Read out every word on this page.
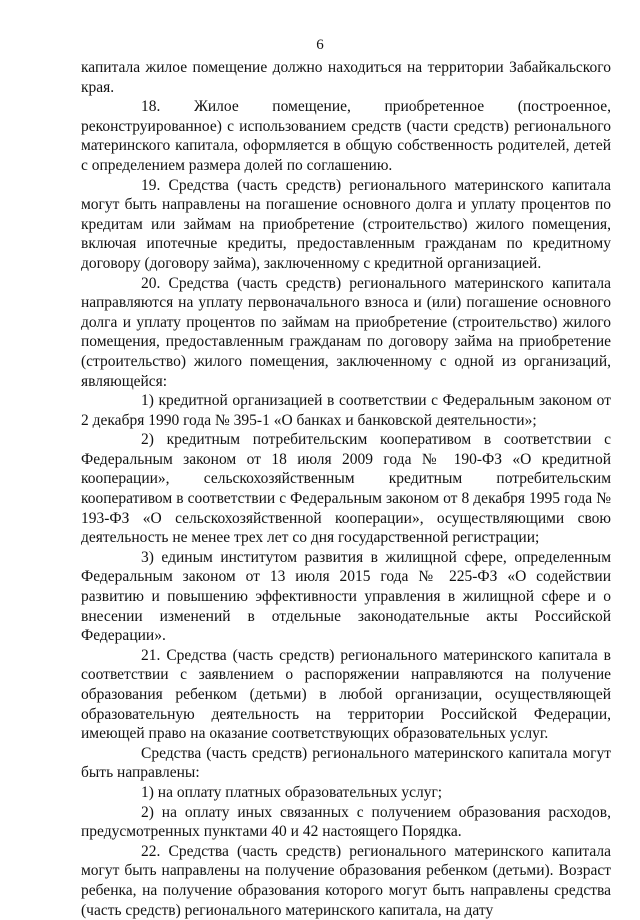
6

капитала жилое помещение должно находиться на территории Забайкальского края.

18. Жилое помещение, приобретенное (построенное, реконструированное) с использованием средств (части средств) регионального материнского капитала, оформляется в общую собственность родителей, детей с определением размера долей по соглашению.

19. Средства (часть средств) регионального материнского капитала могут быть направлены на погашение основного долга и уплату процентов по кредитам или займам на приобретение (строительство) жилого помещения, включая ипотечные кредиты, предоставленным гражданам по кредитному договору (договору займа), заключенному с кредитной организацией.

20. Средства (часть средств) регионального материнского капитала направляются на уплату первоначального взноса и (или) погашение основного долга и уплату процентов по займам на приобретение (строительство) жилого помещения, предоставленным гражданам по договору займа на приобретение (строительство) жилого помещения, заключенному с одной из организаций, являющейся:

1) кредитной организацией в соответствии с Федеральным законом от 2 декабря 1990 года № 395-1 «О банках и банковской деятельности»;

2) кредитным потребительским кооперативом в соответствии с Федеральным законом от 18 июля 2009 года № 190-ФЗ «О кредитной кооперации», сельскохозяйственным кредитным потребительским кооперативом в соответствии с Федеральным законом от 8 декабря 1995 года № 193-ФЗ «О сельскохозяйственной кооперации», осуществляющими свою деятельность не менее трех лет со дня государственной регистрации;

3) единым институтом развития в жилищной сфере, определенным Федеральным законом от 13 июля 2015 года № 225-ФЗ «О содействии развитию и повышению эффективности управления в жилищной сфере и о внесении изменений в отдельные законодательные акты Российской Федерации».

21. Средства (часть средств) регионального материнского капитала в соответствии с заявлением о распоряжении направляются на получение образования ребенком (детьми) в любой организации, осуществляющей образовательную деятельность на территории Российской Федерации, имеющей право на оказание соответствующих образовательных услуг.

Средства (часть средств) регионального материнского капитала могут быть направлены:

1) на оплату платных образовательных услуг;

2) на оплату иных связанных с получением образования расходов, предусмотренных пунктами 40 и 42 настоящего Порядка.

22. Средства (часть средств) регионального материнского капитала могут быть направлены на получение образования ребенком (детьми). Возраст ребенка, на получение образования которого могут быть направлены средства (часть средств) регионального материнского капитала, на дату
